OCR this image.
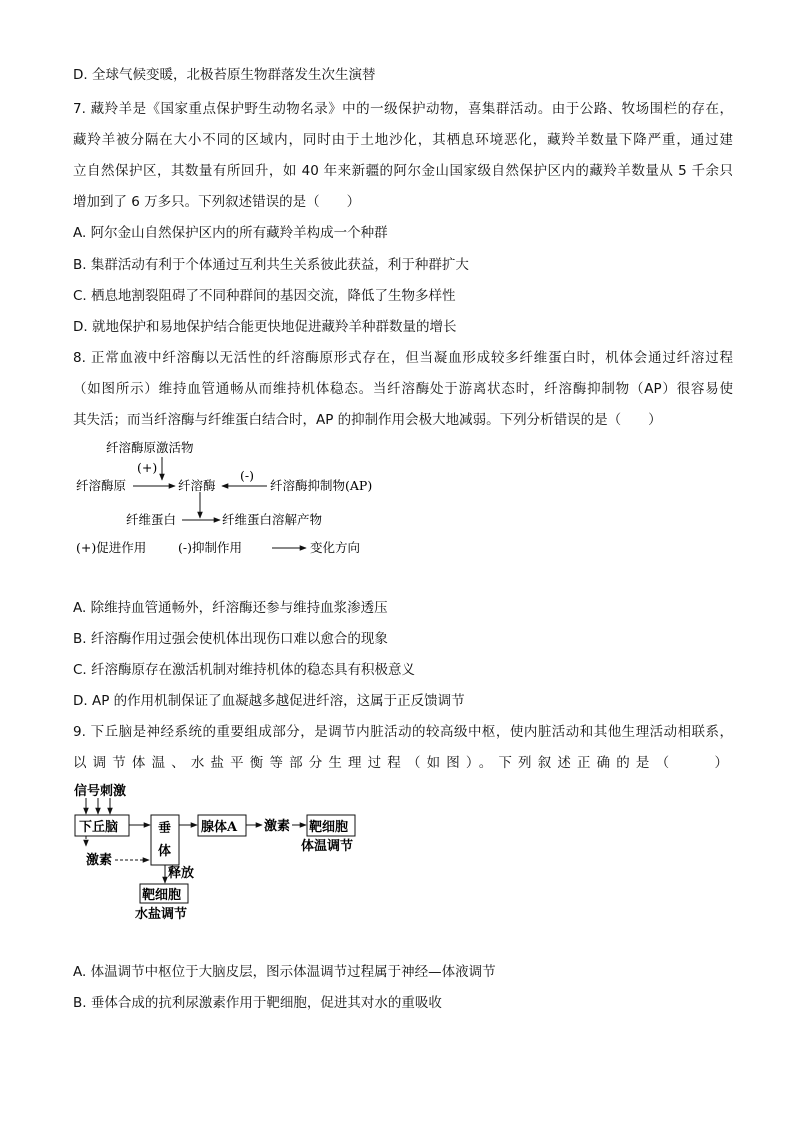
D. 全球气候变暖，北极苔原生物群落发生次生演替
7. 藏羚羊是《国家重点保护野生动物名录》中的一级保护动物，喜集群活动。由于公路、牧场围栏的存在，
藏羚羊被分隔在大小不同的区域内，同时由于土地沙化，其栖息环境恶化，藏羚羊数量下降严重，通过建
立自然保护区，其数量有所回升，如 40 年来新疆的阿尔金山国家级自然保护区内的藏羚羊数量从 5 千余只
增加到了 6 万多只。下列叙述错误的是（　　）
A. 阿尔金山自然保护区内的所有藏羚羊构成一个种群
B. 集群活动有利于个体通过互利共生关系彼此获益，利于种群扩大
C. 栖息地割裂阻碍了不同种群间的基因交流，降低了生物多样性
D. 就地保护和易地保护结合能更快地促进藏羚羊种群数量的增长
8. 正常血液中纤溶酶以无活性的纤溶酶原形式存在，但当凝血形成较多纤维蛋白时，机体会通过纤溶过程
（如图所示）维持血管通畅从而维持机体稳态。当纤溶酶处于游离状态时，纤溶酶抑制物（AP）很容易使
其失活；而当纤溶酶与纤维蛋白结合时，AP 的抑制作用会极大地减弱。下列分析错误的是（　　）
纤溶酶原激活物
(+)
纤溶酶原	纤溶酶
(-)
纤溶酶抑制物(AP)
纤维蛋白	纤维蛋白溶解产物
(+)促进作用	(-)抑制作用	变化方向
A. 除维持血管通畅外，纤溶酶还参与维持血浆渗透压
B. 纤溶酶作用过强会使机体出现伤口难以愈合的现象
C. 纤溶酶原存在激活机制对维持机体的稳态具有积极意义
D. AP 的作用机制保证了血凝越多越促进纤溶，这属于正反馈调节
9. 下丘脑是神经系统的重要组成部分，是调节内脏活动的较高级中枢，使内脏活动和其他生理活动相联系，
以调节体温、水盐平衡等部分生理过程（如图）。下列叙述正确的是（　　）
信号刺激
下丘脑	垂
体
腺体A 激素 靶细胞
体温调节
激素
释放
靶细胞
水盐调节
A. 体温调节中枢位于大脑皮层，图示体温调节过程属于神经—体液调节
B. 垂体合成的抗利尿激素作用于靶细胞，促进其对水的重吸收
